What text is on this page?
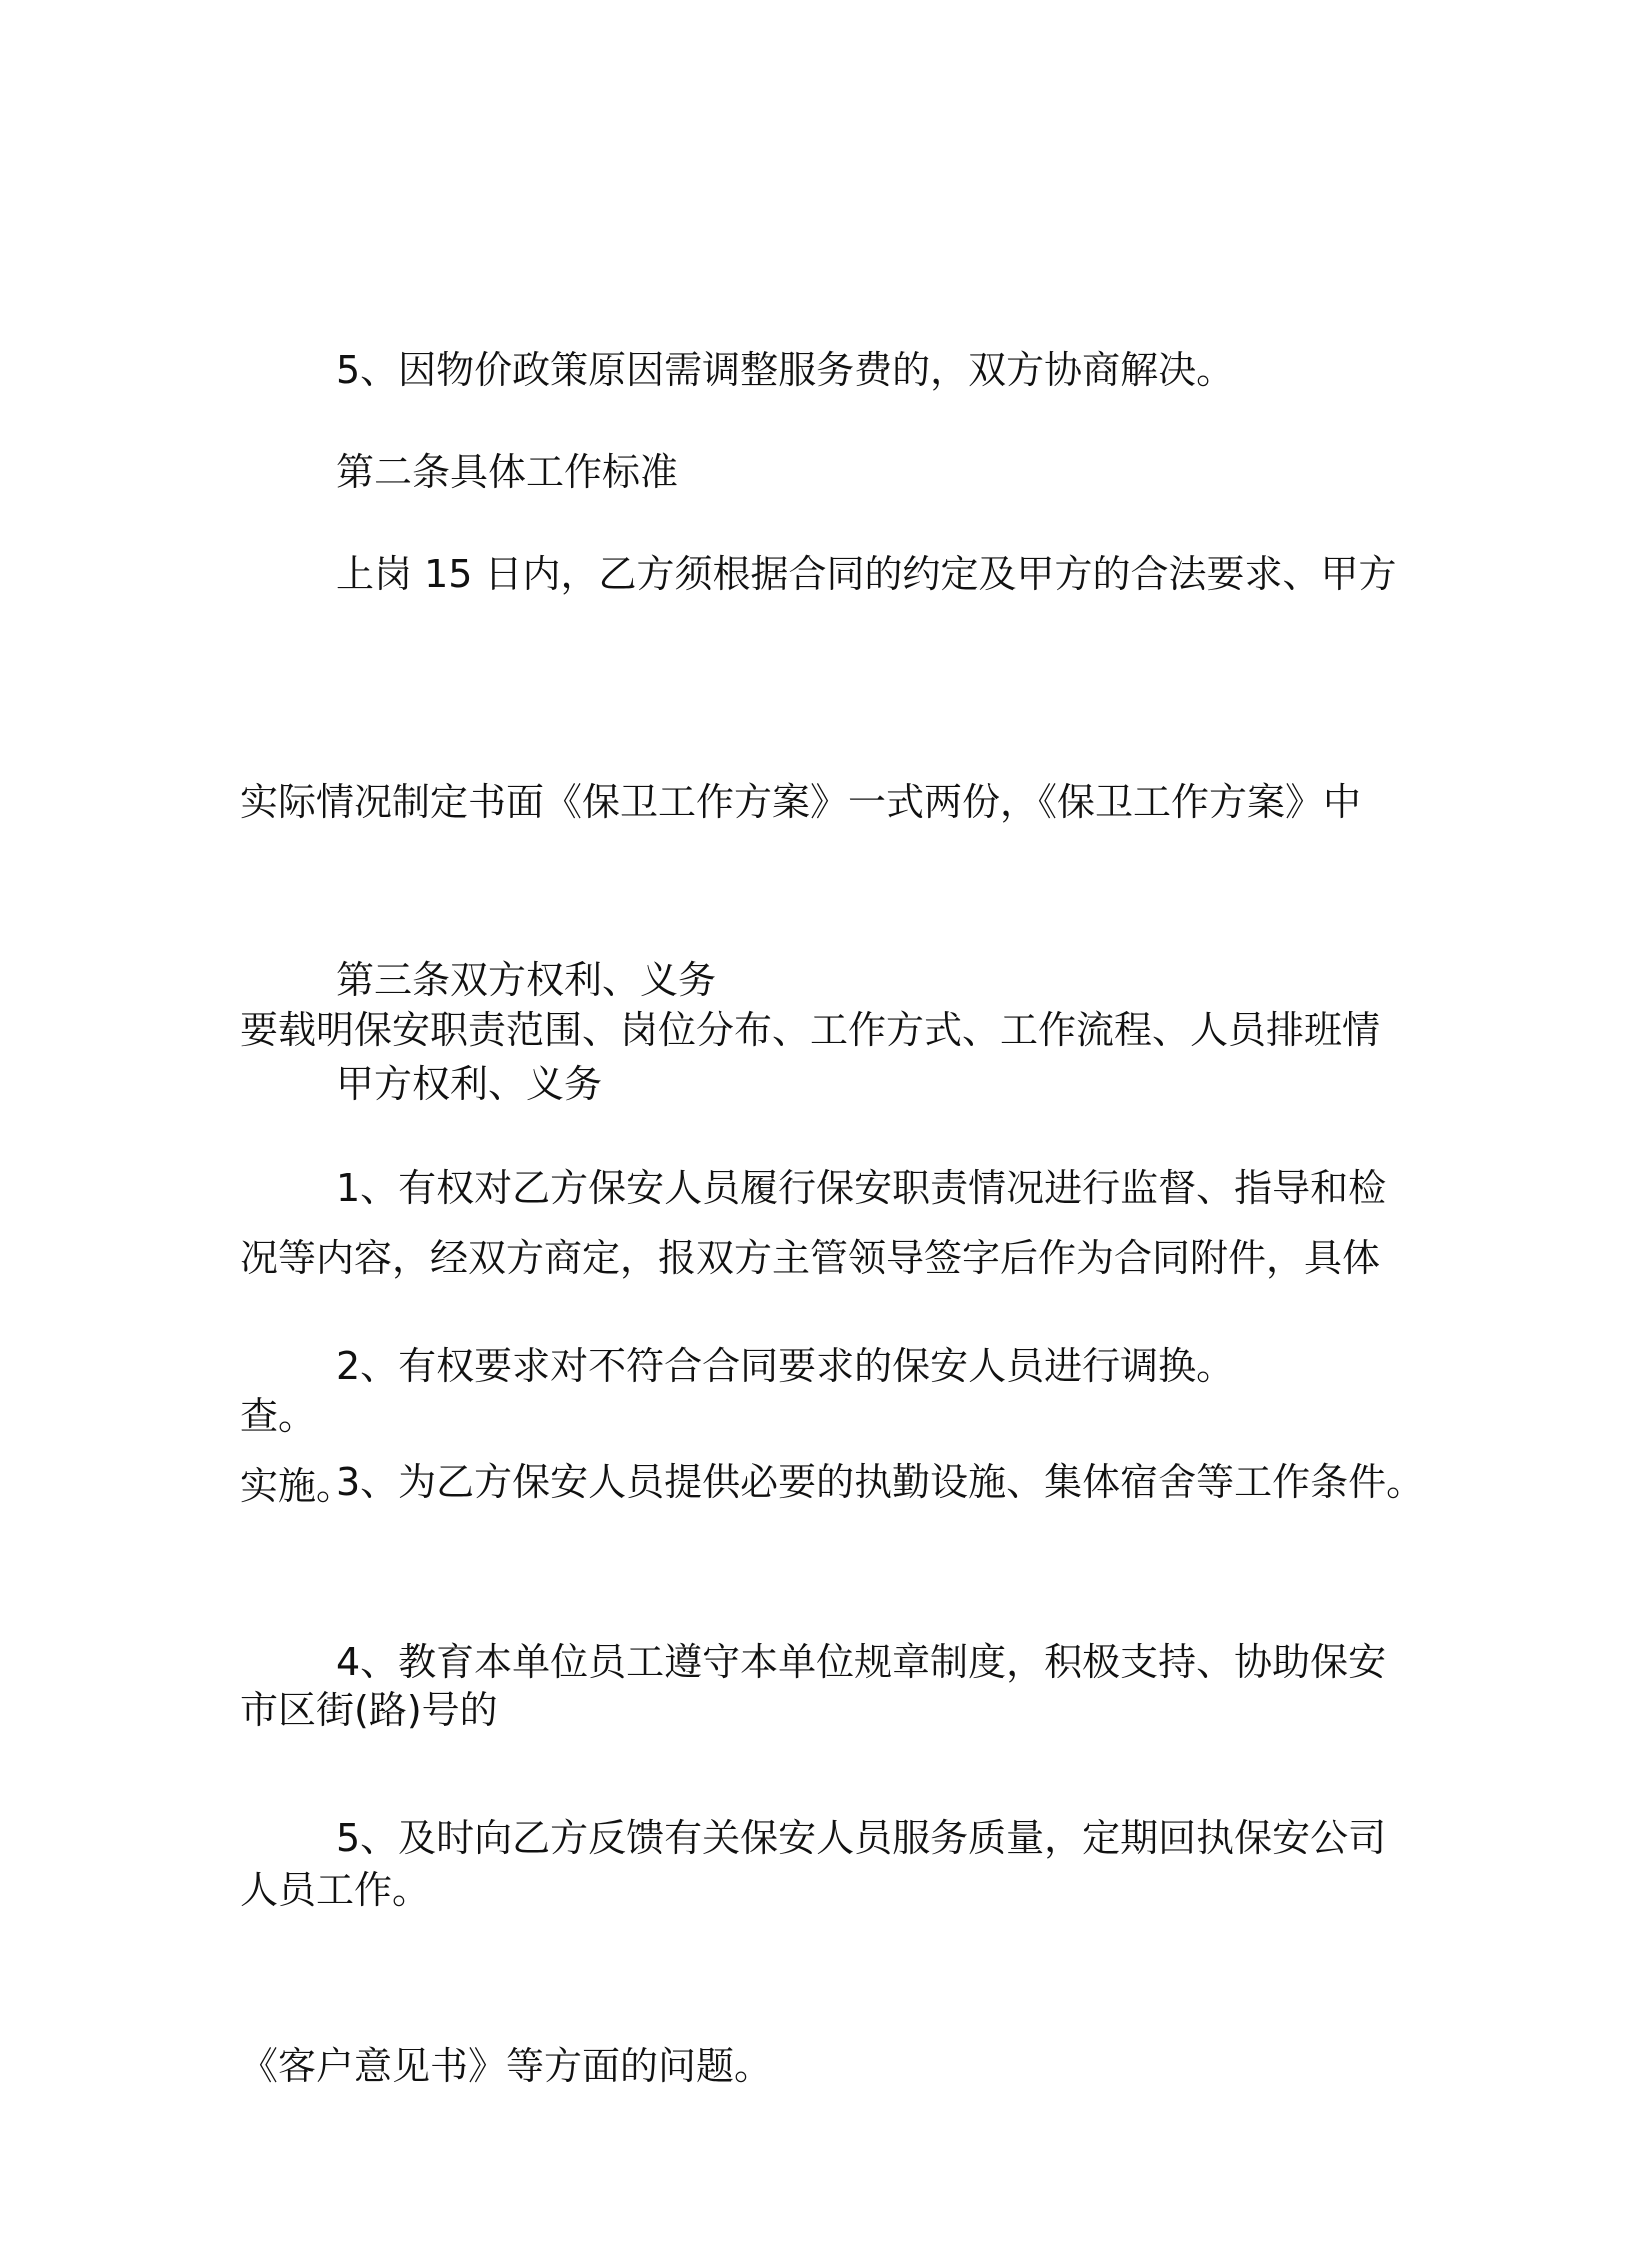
5、因物价政策原因需调整服务费的，双方协商解决。

第二条具体工作标准

上岗 15 日内，乙方须根据合同的约定及甲方的合法要求、甲方

实际情况制定书面《保卫工作方案》一式两份，《保卫工作方案》中

要载明保安职责范围、岗位分布、工作方式、工作流程、人员排班情

况等内容，经双方商定，报双方主管领导签字后作为合同附件，具体

实施。

第三条双方权利、义务

甲方权利、义务

1、有权对乙方保安人员履行保安职责情况进行监督、指导和检

查。

2、有权要求对不符合合同要求的保安人员进行调换。

3、为乙方保安人员提供必要的执勤设施、集体宿舍等工作条件。

市区街(路)号的

4、教育本单位员工遵守本单位规章制度，积极支持、协助保安

人员工作。

5、及时向乙方反馈有关保安人员服务质量，定期回执保安公司

《客户意见书》等方面的问题。
